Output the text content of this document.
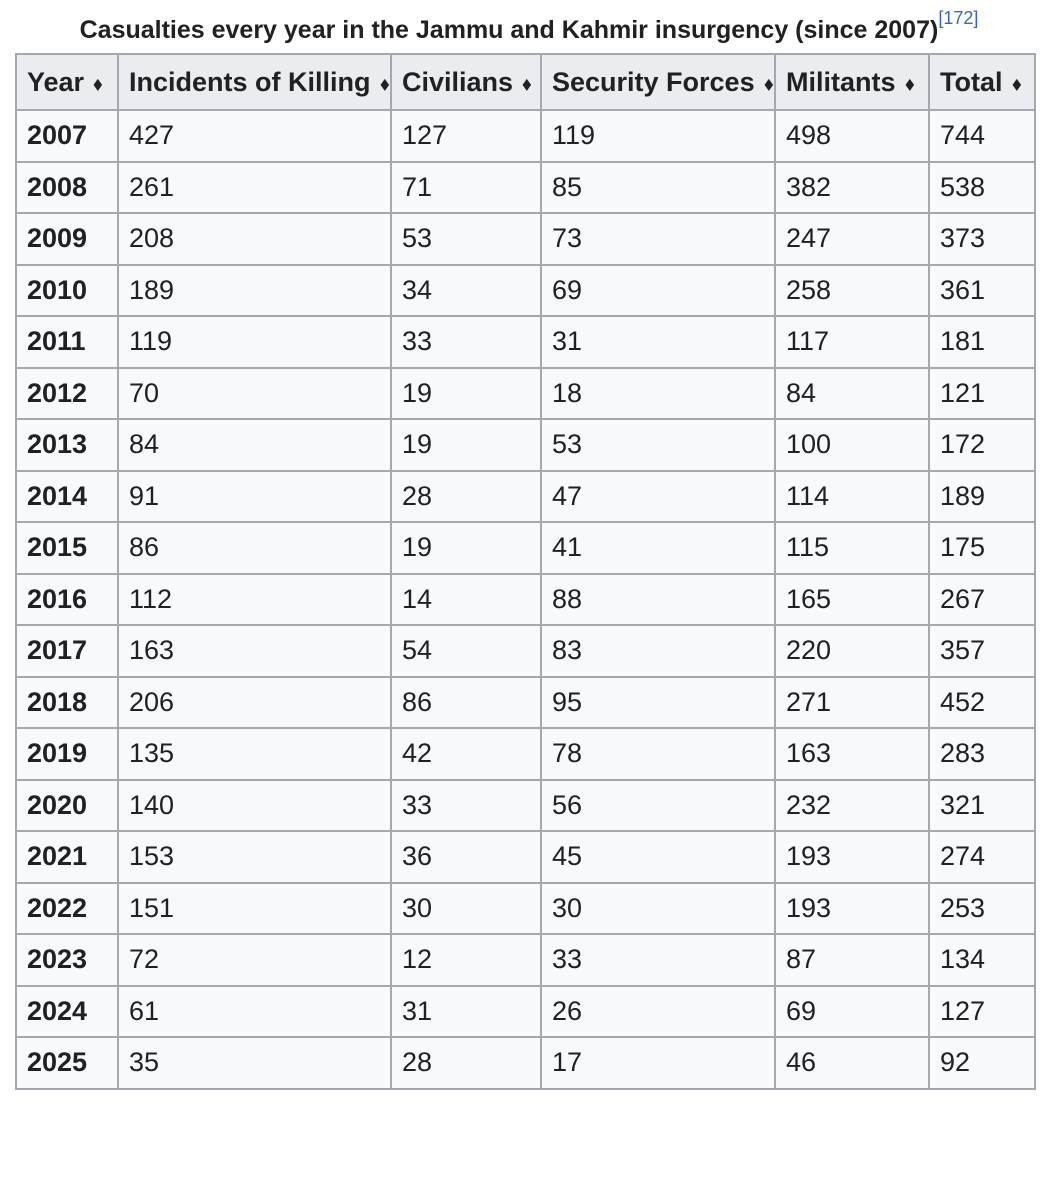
Casualties every year in the Jammu and Kahmir insurgency (since 2007)[172]
Year ◆	Incidents of Killing ◆	Civilians ◆	Security Forces ◆	Militants ◆	Total ◆
2007	427	127	119	498	744
2008	261	71	85	382	538
2009	208	53	73	247	373
2010	189	34	69	258	361
2011	119	33	31	117	181
2012	70	19	18	84	121
2013	84	19	53	100	172
2014	91	28	47	114	189
2015	86	19	41	115	175
2016	112	14	88	165	267
2017	163	54	83	220	357
2018	206	86	95	271	452
2019	135	42	78	163	283
2020	140	33	56	232	321
2021	153	36	45	193	274
2022	151	30	30	193	253
2023	72	12	33	87	134
2024	61	31	26	69	127
2025	35	28	17	46	92
